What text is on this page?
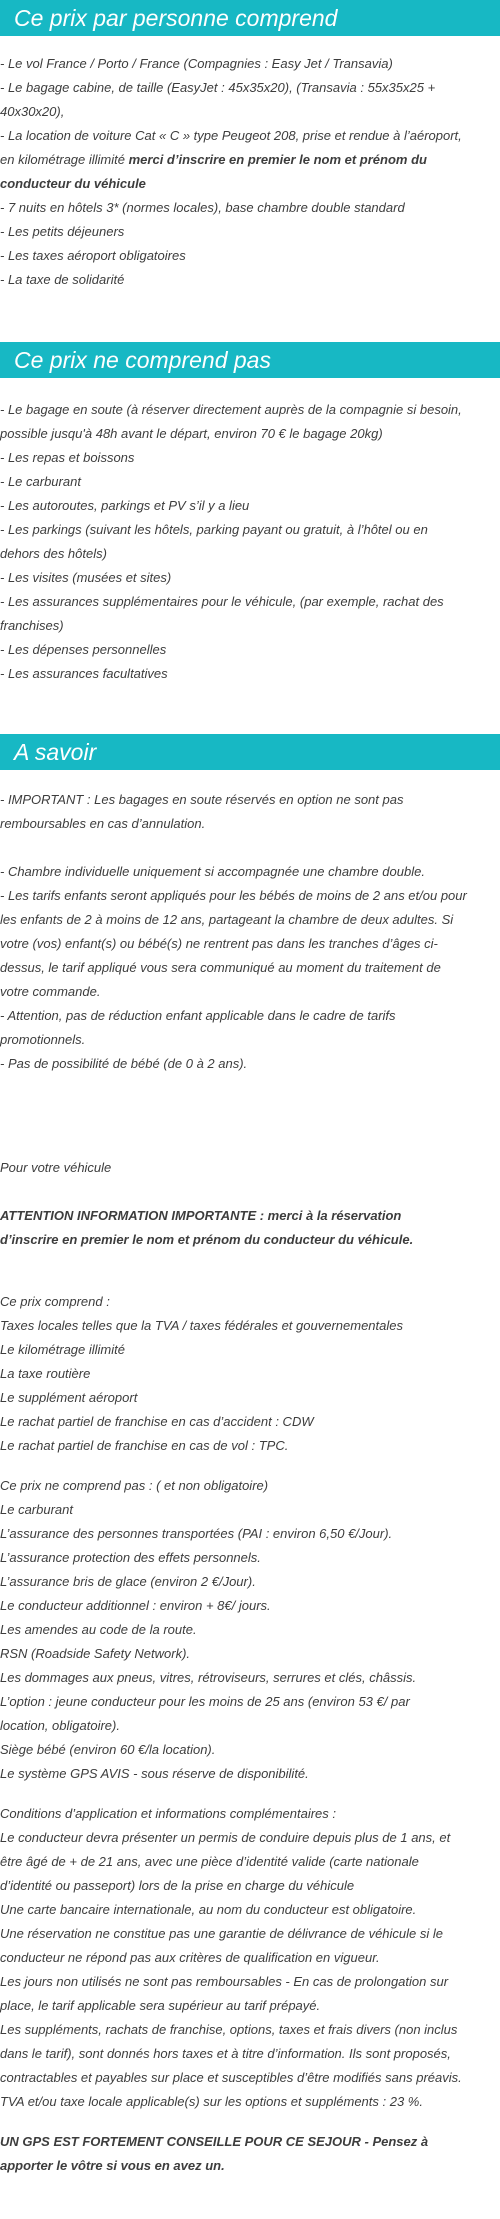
Ce prix par personne comprend
- Le vol France / Porto / France (Compagnies : Easy Jet / Transavia)
- Le bagage cabine, de taille (EasyJet : 45x35x20), (Transavia : 55x35x25 +
40x30x20),
- La location de voiture Cat « C » type Peugeot 208, prise et rendue à l’aéroport,
en kilométrage illimité merci d’inscrire en premier le nom et prénom du
conducteur du véhicule
- 7 nuits en hôtels 3* (normes locales), base chambre double standard
- Les petits déjeuners
- Les taxes aéroport obligatoires
- La taxe de solidarité
Ce prix ne comprend pas
- Le bagage en soute (à réserver directement auprès de la compagnie si besoin,
possible jusqu'à 48h avant le départ, environ 70 € le bagage 20kg)
- Les repas et boissons
- Le carburant
- Les autoroutes, parkings et PV s’il y a lieu
- Les parkings (suivant les hôtels, parking payant ou gratuit, à l’hôtel ou en
dehors des hôtels)
- Les visites (musées et sites)
- Les assurances supplémentaires pour le véhicule, (par exemple, rachat des
franchises)
- Les dépenses personnelles
- Les assurances facultatives
A savoir
- IMPORTANT : Les bagages en soute réservés en option ne sont pas
remboursables en cas d’annulation.
- Chambre individuelle uniquement si accompagnée une chambre double.
- Les tarifs enfants seront appliqués pour les bébés de moins de 2 ans et/ou pour
les enfants de 2 à moins de 12 ans, partageant la chambre de deux adultes. Si
votre (vos) enfant(s) ou bébé(s) ne rentrent pas dans les tranches d’âges ci-
dessus, le tarif appliqué vous sera communiqué au moment du traitement de
votre commande.
- Attention, pas de réduction enfant applicable dans le cadre de tarifs
promotionnels.
- Pas de possibilité de bébé (de 0 à 2 ans).
Pour votre véhicule
ATTENTION INFORMATION IMPORTANTE : merci à la réservation
d’inscrire en premier le nom et prénom du conducteur du véhicule.
Ce prix comprend :
Taxes locales telles que la TVA / taxes fédérales et gouvernementales
Le kilométrage illimité
La taxe routière
Le supplément aéroport
Le rachat partiel de franchise en cas d’accident : CDW
Le rachat partiel de franchise en cas de vol : TPC.
Ce prix ne comprend pas : ( et non obligatoire)
Le carburant
L’assurance des personnes transportées (PAI : environ 6,50 €/Jour).
L’assurance protection des effets personnels.
L’assurance bris de glace (environ 2 €/Jour).
Le conducteur additionnel : environ + 8€/ jours.
Les amendes au code de la route.
RSN (Roadside Safety Network).
Les dommages aux pneus, vitres, rétroviseurs, serrures et clés, châssis.
L’option : jeune conducteur pour les moins de 25 ans (environ 53 €/ par
location, obligatoire).
Siège bébé (environ 60 €/la location).
Le système GPS AVIS - sous réserve de disponibilité.
Conditions d’application et informations complémentaires :
Le conducteur devra présenter un permis de conduire depuis plus de 1 ans, et
être âgé de + de 21 ans, avec une pièce d’identité valide (carte nationale
d’identité ou passeport) lors de la prise en charge du véhicule
Une carte bancaire internationale, au nom du conducteur est obligatoire.
Une réservation ne constitue pas une garantie de délivrance de véhicule si le
conducteur ne répond pas aux critères de qualification en vigueur.
Les jours non utilisés ne sont pas remboursables - En cas de prolongation sur
place, le tarif applicable sera supérieur au tarif prépayé.
Les suppléments, rachats de franchise, options, taxes et frais divers (non inclus
dans le tarif), sont donnés hors taxes et à titre d’information. Ils sont proposés,
contractables et payables sur place et susceptibles d’être modifiés sans préavis.
TVA et/ou taxe locale applicable(s) sur les options et suppléments : 23 %.
UN GPS EST FORTEMENT CONSEILLE POUR CE SEJOUR - Pensez à
apporter le vôtre si vous en avez un.
